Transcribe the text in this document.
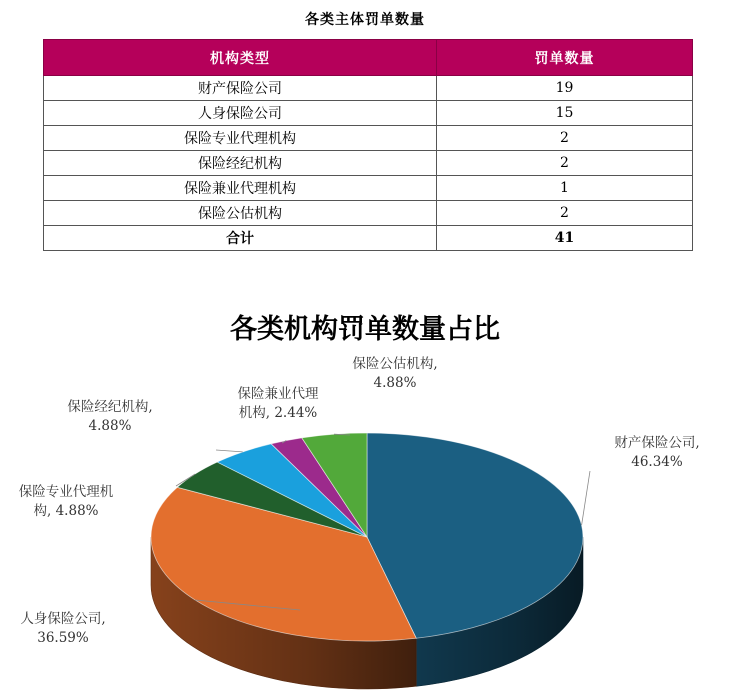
各类主体罚单数量
机构类型	罚单数量
财产保险公司	19
人身保险公司	15
保险专业代理机构	2
保险经纪机构	2
保险兼业代理机构	1
保险公估机构	2
合计	41
各类机构罚单数量占比
财产保险公司, 46.34%
人身保险公司, 36.59%
保险专业代理机构, 4.88%
保险经纪机构, 4.88%
保险兼业代理机构, 2.44%
保险公估机构, 4.88%
